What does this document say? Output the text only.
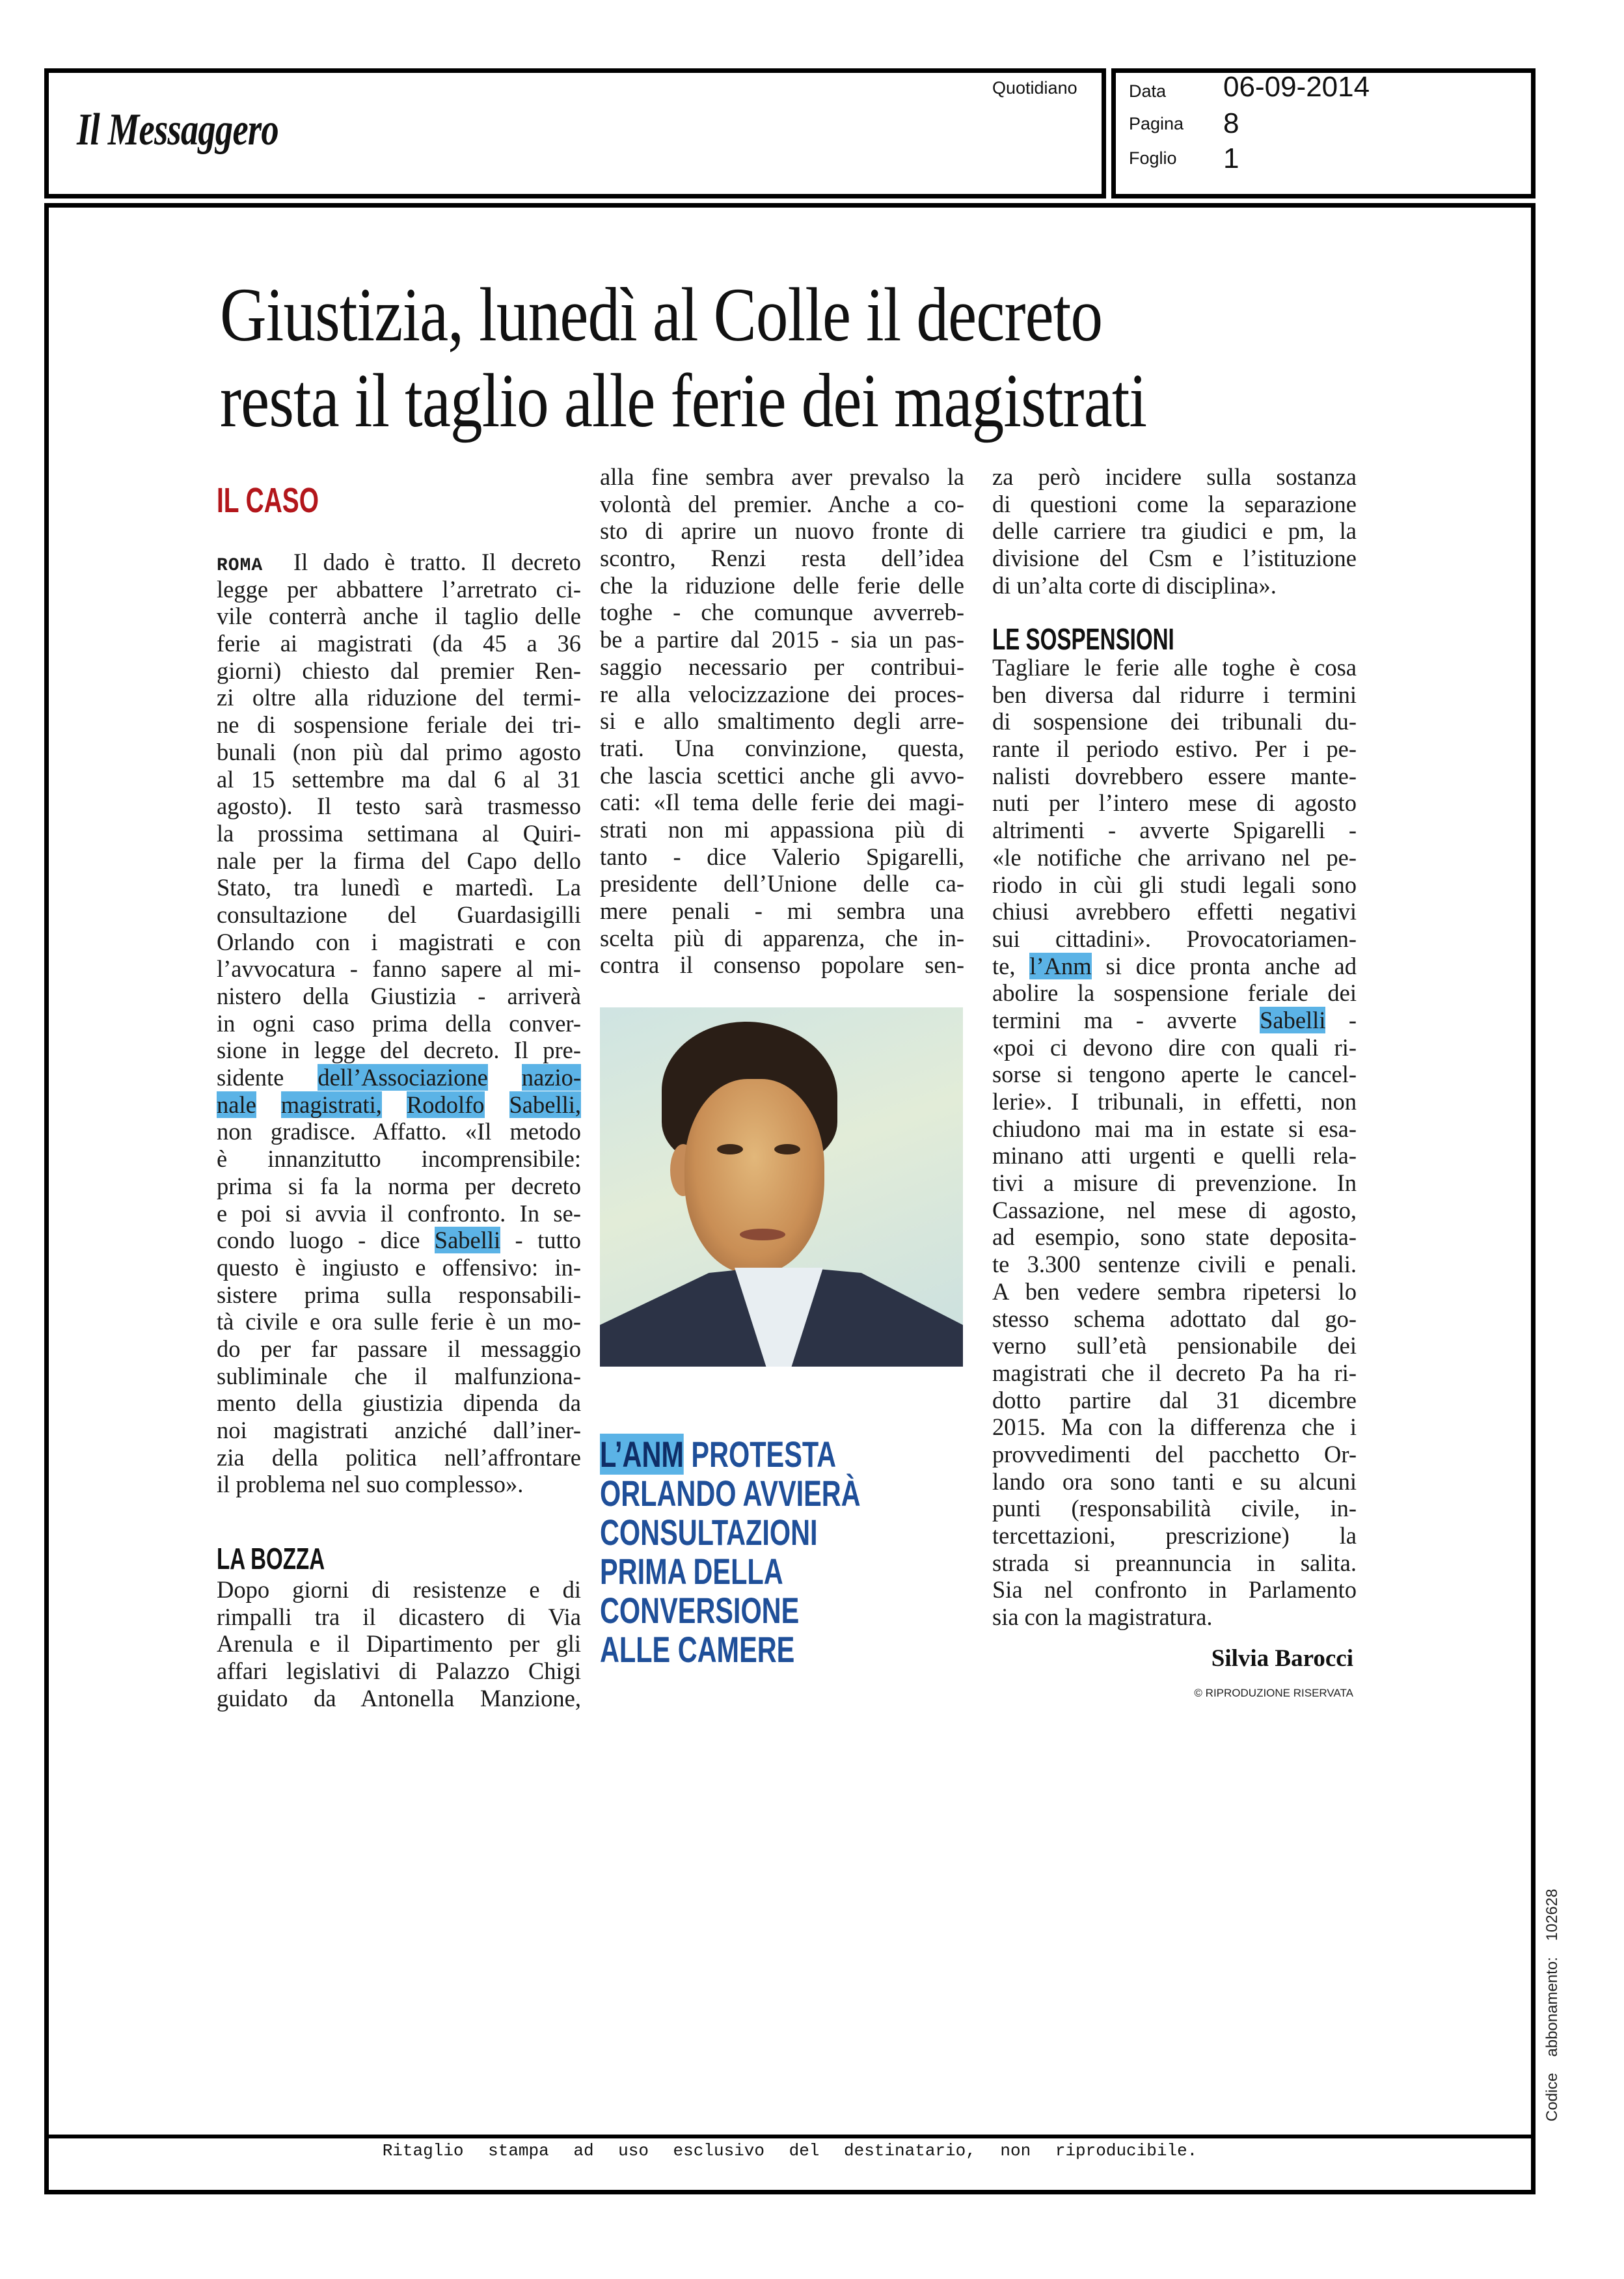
Il Messaggero
Quotidiano	Data 06-09-2014
Pagina 8
Foglio 1
Giustizia, lunedì al Colle il decreto
resta il taglio alle ferie dei magistrati
IL CASO
ROMA Il dado è tratto. Il decreto
legge per abbattere l’arretrato ci-
vile conterrà anche il taglio delle
ferie ai magistrati (da 45 a 36
giorni) chiesto dal premier Ren-
zi oltre alla riduzione del termi-
ne di sospensione feriale dei tri-
bunali (non più dal primo agosto
al 15 settembre ma dal 6 al 31
agosto). Il testo sarà trasmesso
la prossima settimana al Quiri-
nale per la firma del Capo dello
Stato, tra lunedì e martedì. La
consultazione del Guardasigilli
Orlando con i magistrati e con
l’avvocatura - fanno sapere al mi-
nistero della Giustizia - arriverà
in ogni caso prima della conver-
sione in legge del decreto. Il pre-
sidente dell’Associazione nazio-
nale magistrati, Rodolfo Sabelli,
non gradisce. Affatto. «Il metodo
è innanzitutto incomprensibile:
prima si fa la norma per decreto
e poi si avvia il confronto. In se-
condo luogo - dice Sabelli - tutto
questo è ingiusto e offensivo: in-
sistere prima sulla responsabili-
tà civile e ora sulle ferie è un mo-
do per far passare il messaggio
subliminale che il malfunziona-
mento della giustizia dipenda da
noi magistrati anziché dall’iner-
zia della politica nell’affrontare
il problema nel suo complesso».
LA BOZZA
Dopo giorni di resistenze e di
rimpalli tra il dicastero di Via
Arenula e il Dipartimento per gli
affari legislativi di Palazzo Chigi
guidato da Antonella Manzione,
alla fine sembra aver prevalso la
volontà del premier. Anche a co-
sto di aprire un nuovo fronte di
scontro, Renzi resta dell’idea
che la riduzione delle ferie delle
toghe - che comunque avverreb-
be a partire dal 2015 - sia un pas-
saggio necessario per contribui-
re alla velocizzazione dei proces-
si e allo smaltimento degli arre-
trati. Una convinzione, questa,
che lascia scettici anche gli avvo-
cati: «Il tema delle ferie dei magi-
strati non mi appassiona più di
tanto - dice Valerio Spigarelli,
presidente dell’Unione delle ca-
mere penali - mi sembra una
scelta più di apparenza, che in-
contra il consenso popolare sen-
L’ANM PROTESTA
ORLANDO AVVIERÀ
CONSULTAZIONI
PRIMA DELLA
CONVERSIONE
ALLE CAMERE
za però incidere sulla sostanza
di questioni come la separazione
delle carriere tra giudici e pm, la
divisione del Csm e l’istituzione
di un’alta corte di disciplina».
LE SOSPENSIONI
Tagliare le ferie alle toghe è cosa
ben diversa dal ridurre i termini
di sospensione dei tribunali du-
rante il periodo estivo. Per i pe-
nalisti dovrebbero essere mante-
nuti per l’intero mese di agosto
altrimenti - avverte Spigarelli -
«le notifiche che arrivano nel pe-
riodo in cùi gli studi legali sono
chiusi avrebbero effetti negativi
sui cittadini». Provocatoriamen-
te, l’Anm si dice pronta anche ad
abolire la sospensione feriale dei
termini ma - avverte Sabelli -
«poi ci devono dire con quali ri-
sorse si tengono aperte le cancel-
lerie». I tribunali, in effetti, non
chiudono mai ma in estate si esa-
minano atti urgenti e quelli rela-
tivi a misure di prevenzione. In
Cassazione, nel mese di agosto,
ad esempio, sono state deposita-
te 3.300 sentenze civili e penali.
A ben vedere sembra ripetersi lo
stesso schema adottato dal go-
verno sull’età pensionabile dei
magistrati che il decreto Pa ha ri-
dotto partire dal 31 dicembre
2015. Ma con la differenza che i
provvedimenti del pacchetto Or-
lando ora sono tanti e su alcuni
punti (responsabilità civile, in-
tercettazioni, prescrizione) la
strada si preannuncia in salita.
Sia nel confronto in Parlamento
sia con la magistratura.
Silvia Barocci
© RIPRODUZIONE RISERVATA
Ritaglio stampa ad uso esclusivo del destinatario, non riproducibile.
Codice abbonamento: 102628
